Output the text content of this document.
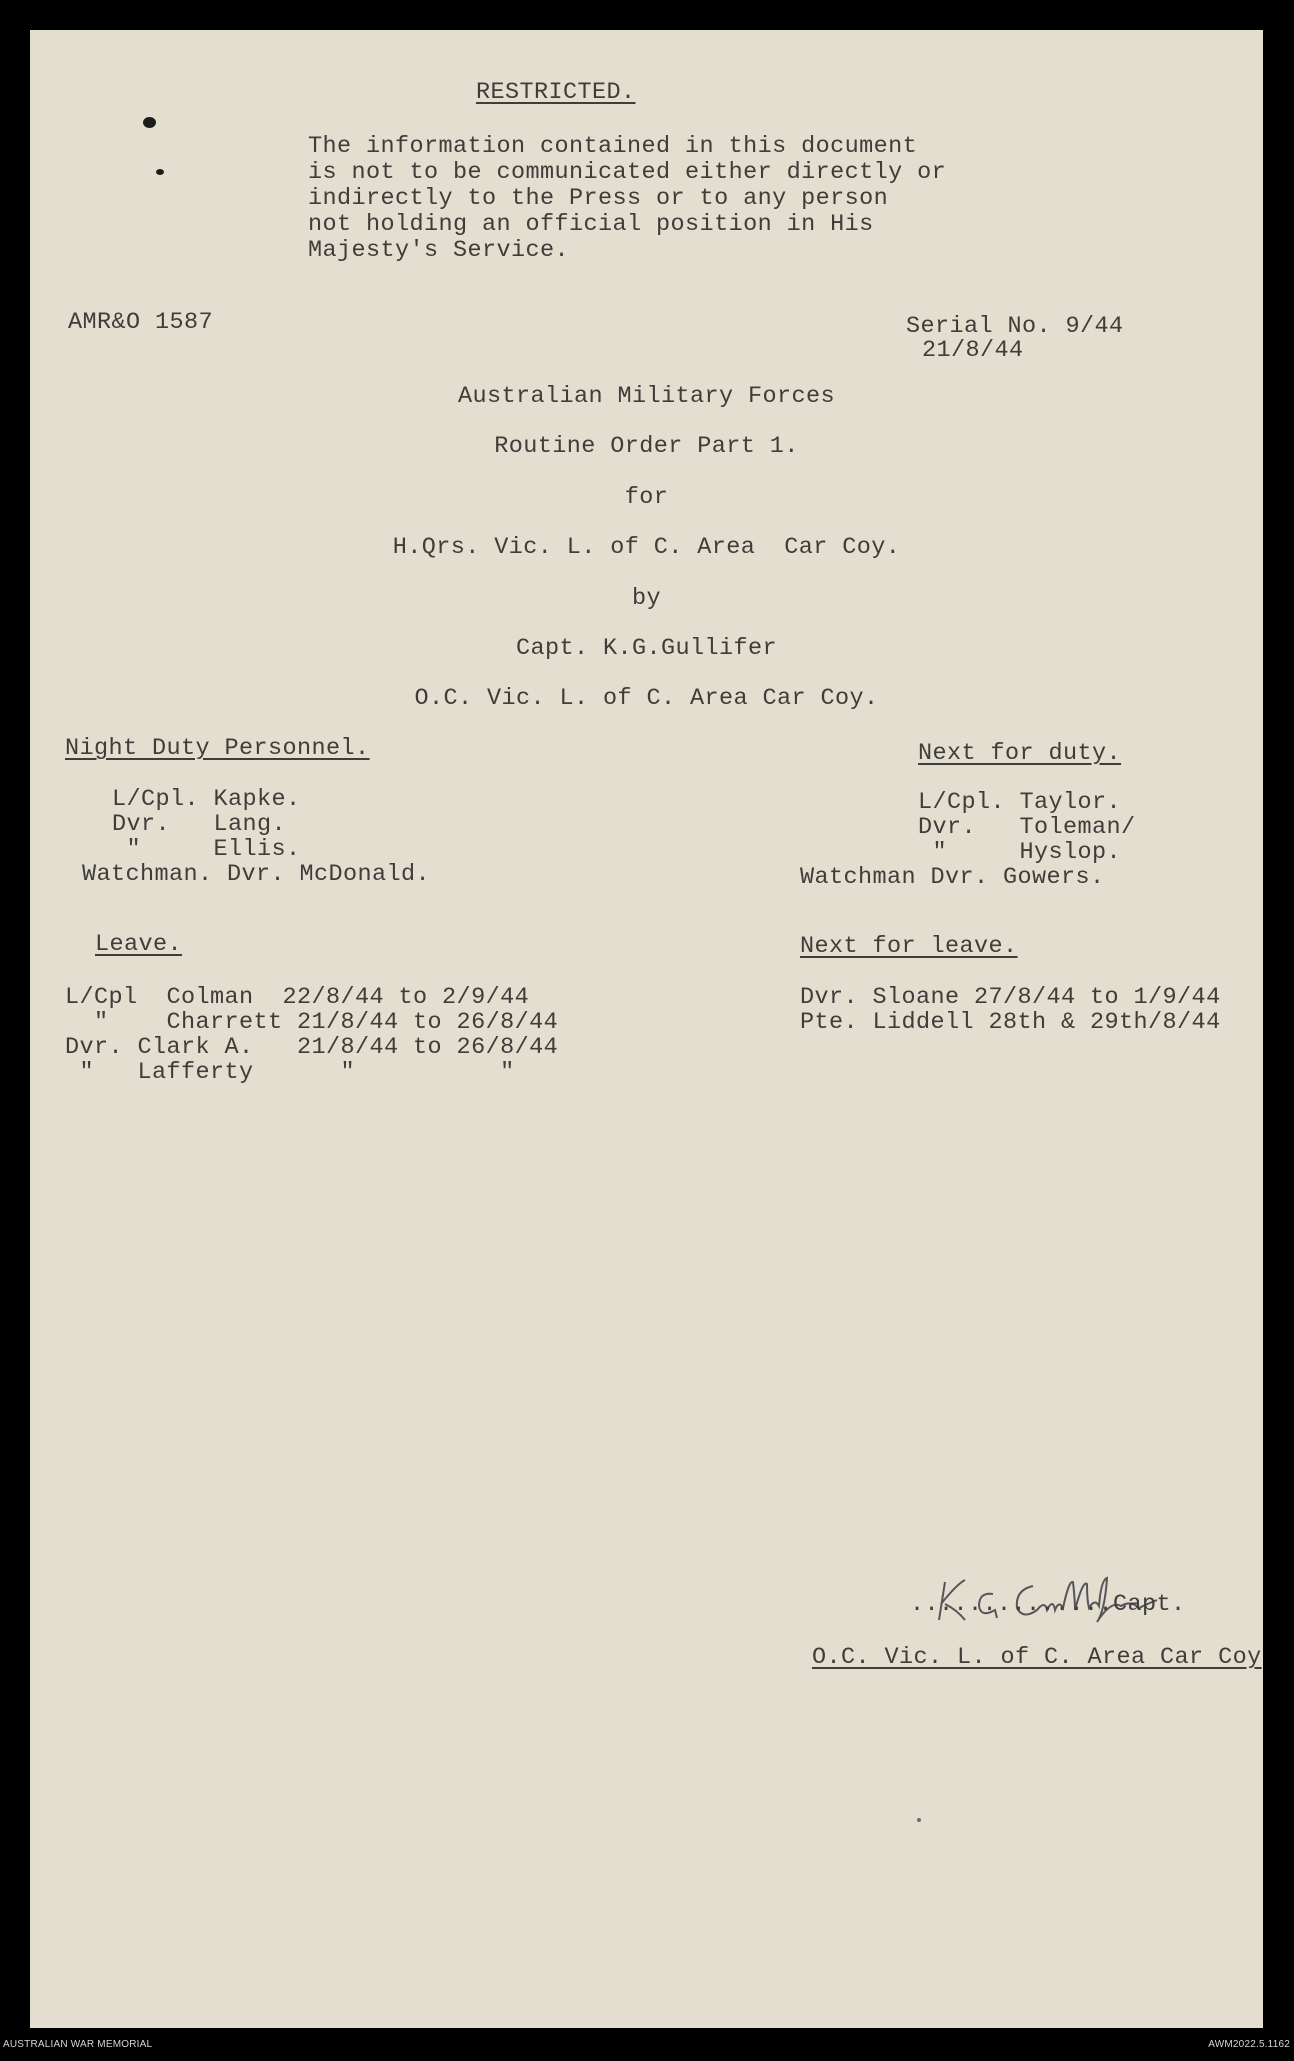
RESTRICTED.
The information contained in this document
is not to be communicated either directly or
indirectly to the Press or to any person
not holding an official position in His
Majesty's Service.
AMR&O 1587	Serial No. 9/44
21/8/44
Australian Military Forces
Routine Order Part 1.
for
H.Qrs. Vic. L. of C. Area  Car Coy.
by
Capt. K.G.Gullifer
O.C. Vic. L. of C. Area Car Coy.
Night Duty Personnel.
L/Cpl. Kapke.
Dvr.   Lang.
"     Ellis.
Watchman. Dvr. McDonald.
Next for duty.
L/Cpl. Taylor.
Dvr.   Toleman/
"     Hyslop.
Watchman Dvr. Gowers.
Leave.
L/Cpl  Colman  22/8/44 to 2/9/44
"    Charrett 21/8/44 to 26/8/44
Dvr. Clark A.   21/8/44 to 26/8/44
"   Lafferty      "          "
Next for leave.
Dvr. Sloane 27/8/44 to 1/9/44
Pte. Liddell 28th & 29th/8/44
..............Capt.
O.C. Vic. L. of C. Area Car Coy
AUSTRALIAN WAR MEMORIAL	AWM2022.5.1162
